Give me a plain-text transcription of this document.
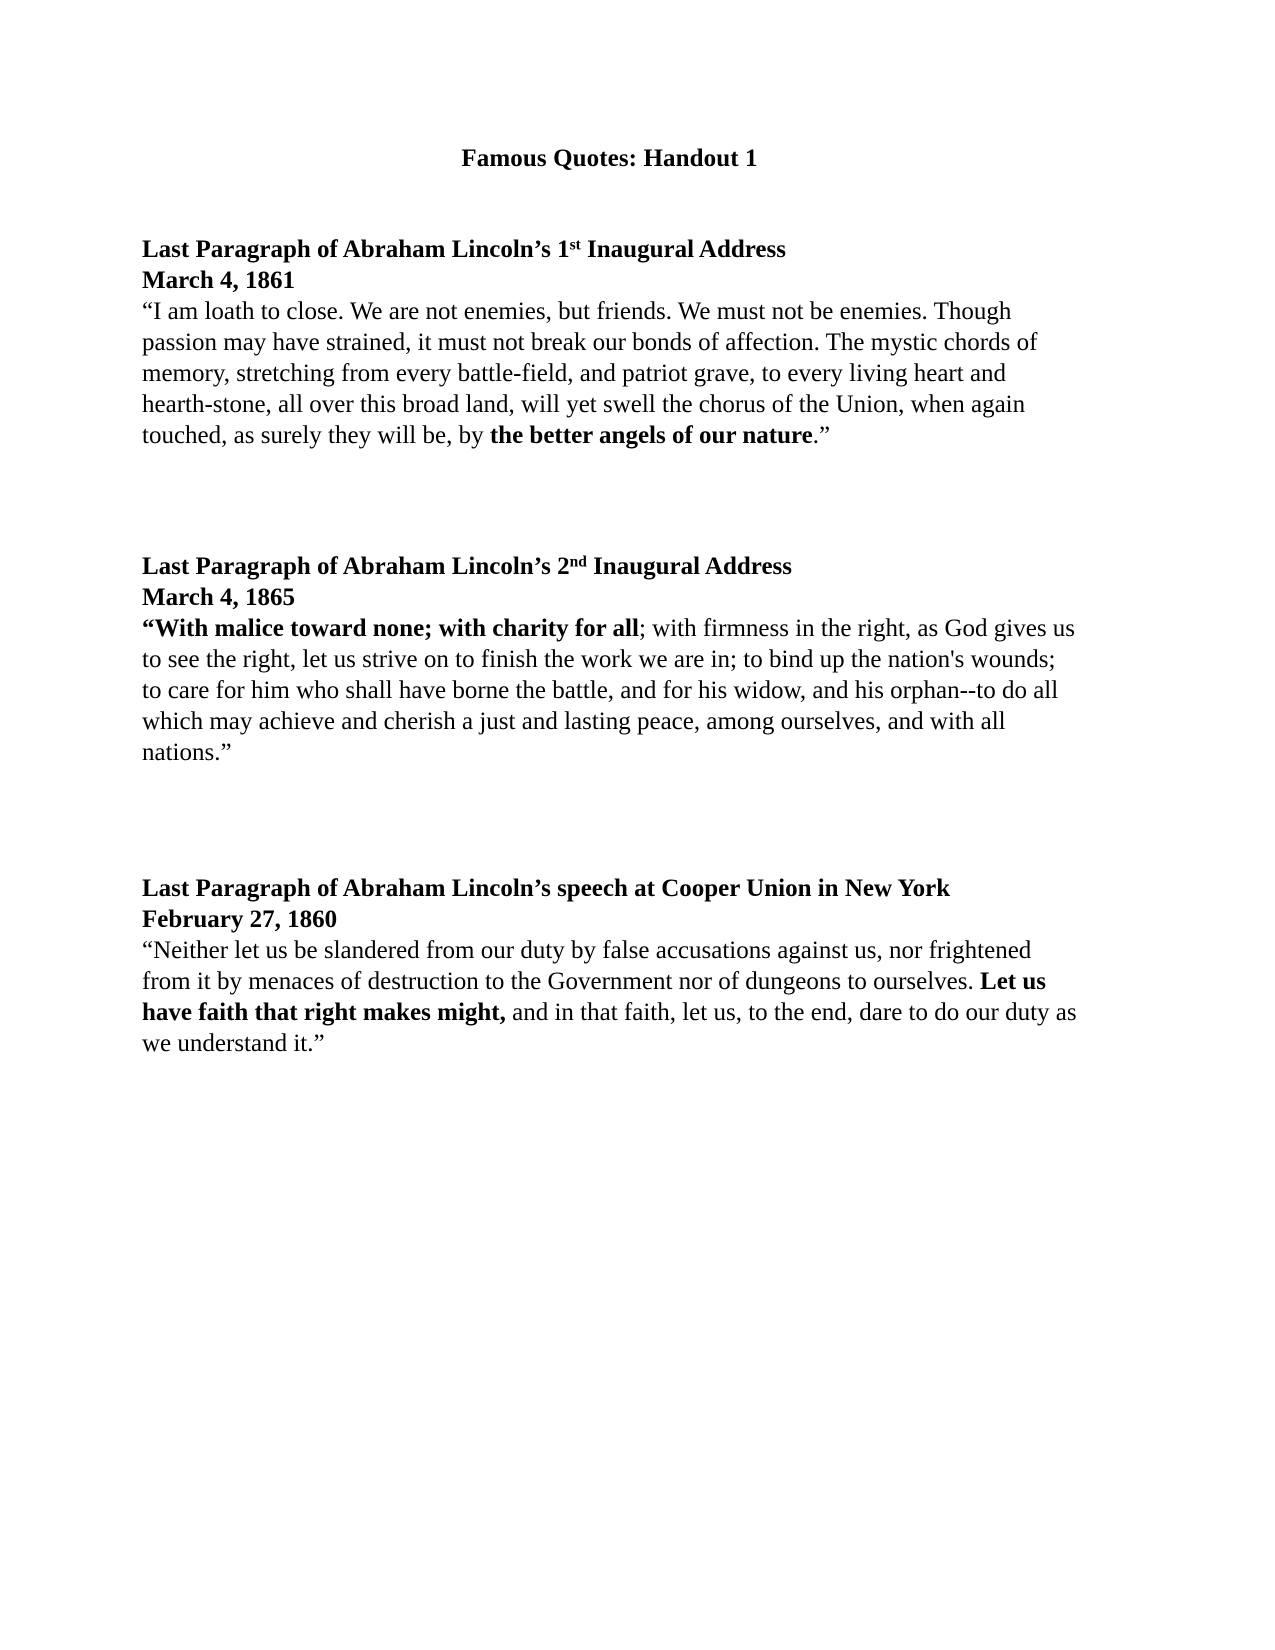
Famous Quotes: Handout 1
Last Paragraph of Abraham Lincoln’s 1st Inaugural Address
March 4, 1861

“I am loath to close. We are not enemies, but friends. We must not be enemies. Though passion may have strained, it must not break our bonds of affection. The mystic chords of memory, stretching from every battle-field, and patriot grave, to every living heart and hearth-stone, all over this broad land, will yet swell the chorus of the Union, when again touched, as surely they will be, by the better angels of our nature.”

Last Paragraph of Abraham Lincoln’s 2nd Inaugural Address
March 4, 1865

“With malice toward none; with charity for all; with firmness in the right, as God gives us to see the right, let us strive on to finish the work we are in; to bind up the nation's wounds; to care for him who shall have borne the battle, and for his widow, and his orphan--to do all which may achieve and cherish a just and lasting peace, among ourselves, and with all nations.”

Last Paragraph of Abraham Lincoln’s speech at Cooper Union in New York
February 27, 1860

“Neither let us be slandered from our duty by false accusations against us, nor frightened from it by menaces of destruction to the Government nor of dungeons to ourselves. Let us have faith that right makes might, and in that faith, let us, to the end, dare to do our duty as we understand it.”
